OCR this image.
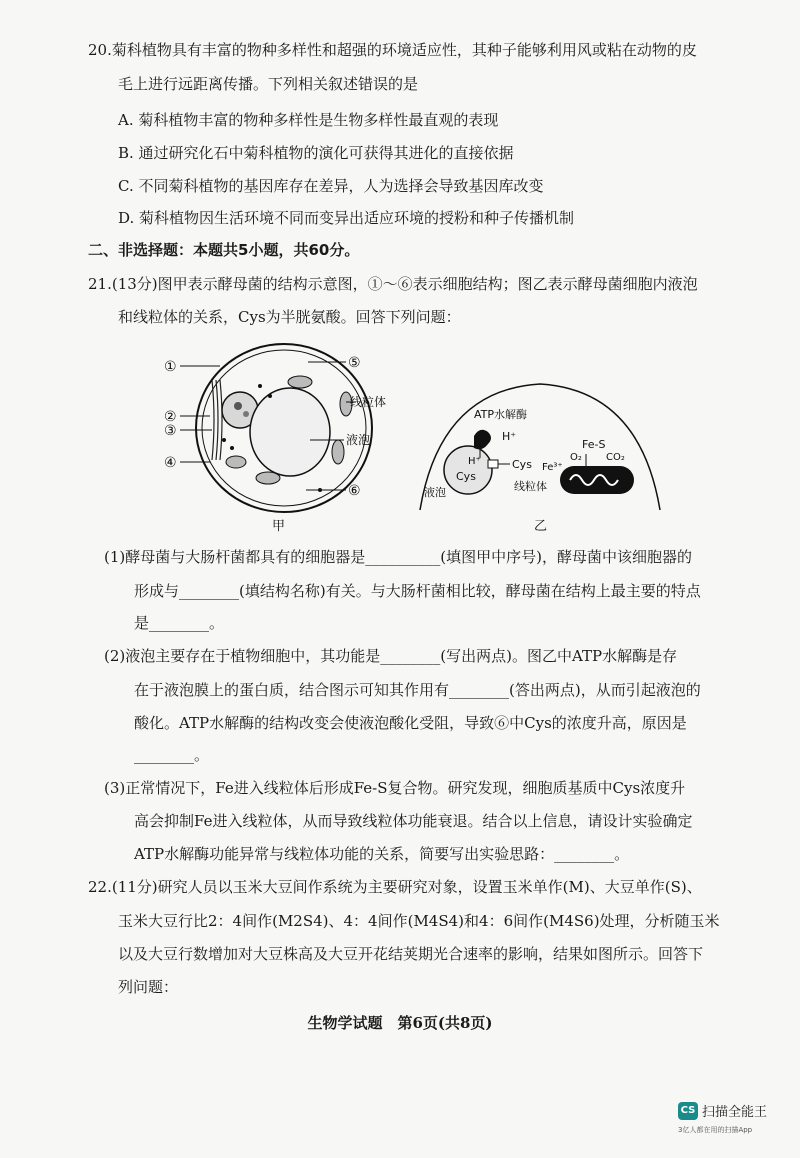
20.菊科植物具有丰富的物种多样性和超强的环境适应性，其种子能够利用风或粘在动物的皮
毛上进行远距离传播。下列相关叙述错误的是
A. 菊科植物丰富的物种多样性是生物多样性最直观的表现
B. 通过研究化石中菊科植物的演化可获得其进化的直接依据
C. 不同菊科植物的基因库存在差异，人为选择会导致基因库改变
D. 菊科植物因生活环境不同而变异出适应环境的授粉和种子传播机制
二、非选择题：本题共5小题，共60分。
21.(13分)图甲表示酵母菌的结构示意图，①～⑥表示细胞结构；图乙表示酵母菌细胞内液泡
和线粒体的关系，Cys为半胱氨酸。回答下列问题：
①
②
③
④
⑤
⑥
线粒体
液泡
甲
ATP水解酶
H⁺
H⁺
Cys
Cys
液泡	线粒体
Fe-S
O₂ CO₂
Fe³⁺
乙
(1)酵母菌与大肠杆菌都具有的细胞器是__________(填图甲中序号)，酵母菌中该细胞器的
形成与________(填结构名称)有关。与大肠杆菌相比较，酵母菌在结构上最主要的特点
是________。
(2)液泡主要存在于植物细胞中，其功能是________(写出两点)。图乙中ATP水解酶是存
在于液泡膜上的蛋白质，结合图示可知其作用有________(答出两点)，从而引起液泡的
酸化。ATP水解酶的结构改变会使液泡酸化受阻，导致⑥中Cys的浓度升高，原因是
________。
(3)正常情况下，Fe进入线粒体后形成Fe-S复合物。研究发现，细胞质基质中Cys浓度升
高会抑制Fe进入线粒体，从而导致线粒体功能衰退。结合以上信息，请设计实验确定
ATP水解酶功能异常与线粒体功能的关系，简要写出实验思路：________。
22.(11分)研究人员以玉米大豆间作系统为主要研究对象，设置玉米单作(M)、大豆单作(S)、
玉米大豆行比2：4间作(M2S4)、4：4间作(M4S4)和4：6间作(M4S6)处理，分析随玉米
以及大豆行数增加对大豆株高及大豆开花结荚期光合速率的影响，结果如图所示。回答下
列问题：
生物学试题　第6页(共8页)
CS 扫描全能王
3亿人都在用的扫描App
